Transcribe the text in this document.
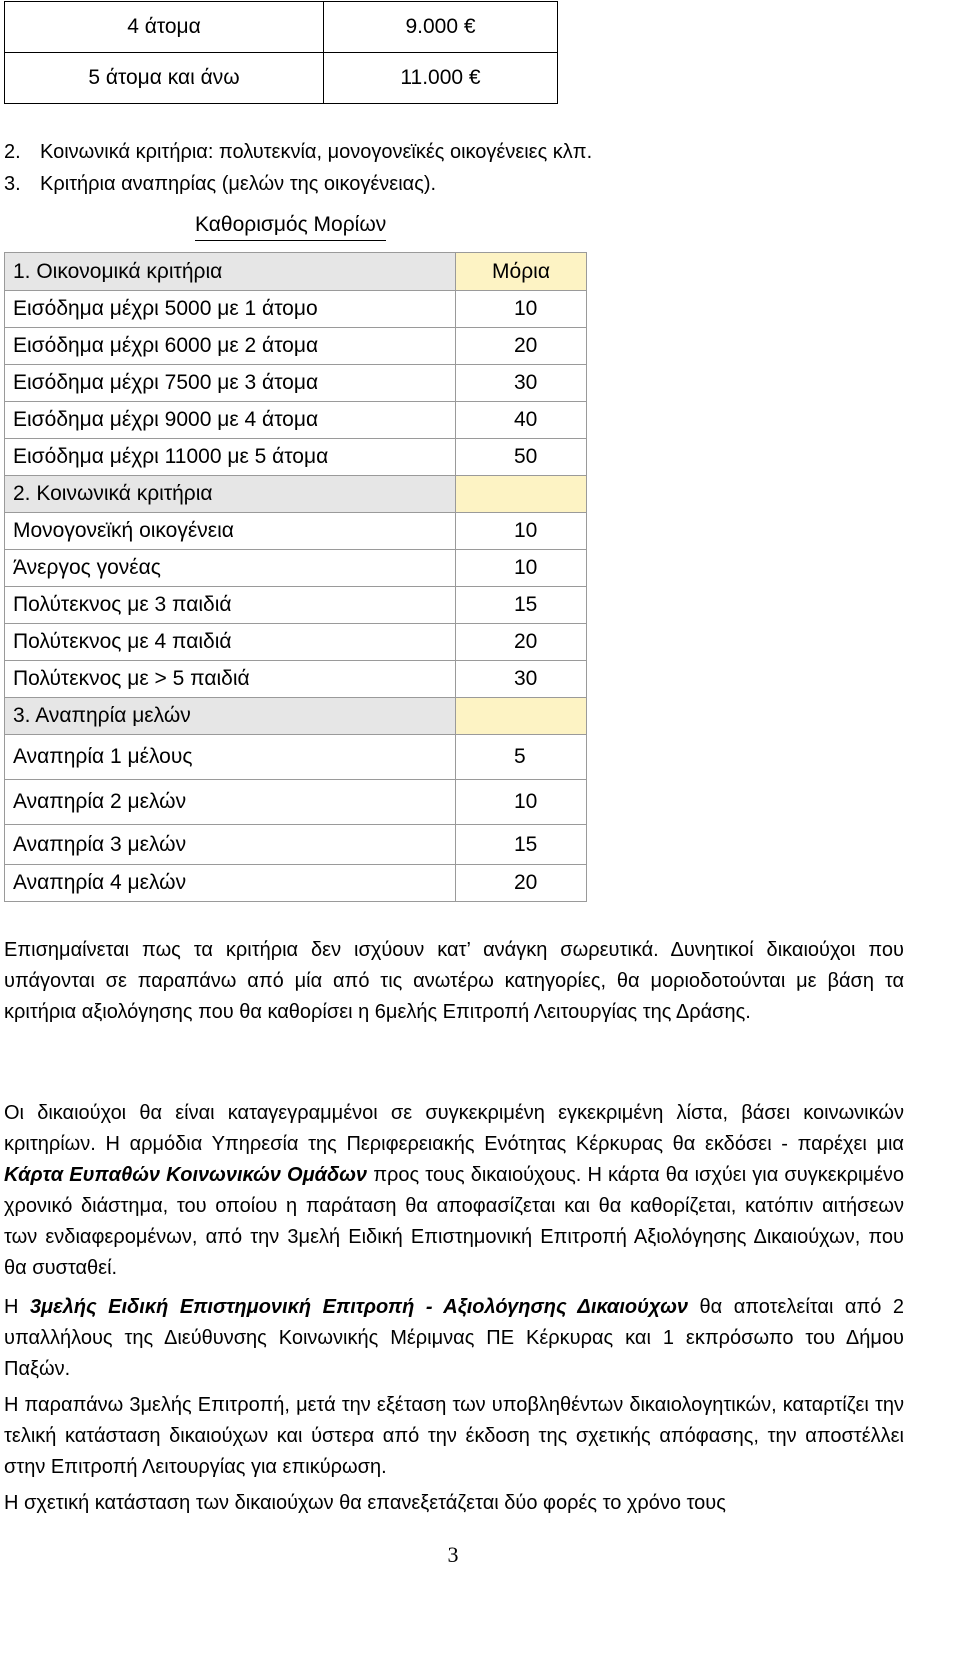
4 άτομα	9.000 €
5 άτομα και άνω	11.000 €
2. Κοινωνικά κριτήρια: πολυτεκνία, μονογονεϊκές οικογένειες κλπ.
3. Κριτήρια αναπηρίας (μελών της οικογένειας).
Καθορισμός Μορίων
1. Οικονομικά κριτήρια	Μόρια
Εισόδημα μέχρι 5000 με 1 άτομο	10
Εισόδημα μέχρι 6000 με 2 άτομα	20
Εισόδημα μέχρι 7500 με 3 άτομα	30
Εισόδημα μέχρι 9000 με 4 άτομα	40
Εισόδημα μέχρι 11000 με 5 άτομα	50
2. Κοινωνικά κριτήρια	
Μονογονεϊκή οικογένεια	10
Άνεργος γονέας	10
Πολύτεκνος με 3 παιδιά	15
Πολύτεκνος με 4 παιδιά	20
Πολύτεκνος με > 5 παιδιά	30
3. Αναπηρία μελών	
Αναπηρία 1 μέλους	5
Αναπηρία 2 μελών	10
Αναπηρία 3 μελών	15
Αναπηρία 4 μελών	20

Επισημαίνεται πως τα κριτήρια δεν ισχύουν κατ’ ανάγκη σωρευτικά. Δυνητικοί δικαιούχοι που υπάγονται σε παραπάνω από μία από τις ανωτέρω κατηγορίες, θα μοριοδοτούνται με βάση τα κριτήρια αξιολόγησης που θα καθορίσει η 6μελής Επιτροπή Λειτουργίας της Δράσης.

Οι δικαιούχοι θα είναι καταγεγραμμένοι σε συγκεκριμένη εγκεκριμένη λίστα, βάσει κοινωνικών κριτηρίων. Η αρμόδια Υπηρεσία της Περιφερειακής Ενότητας Κέρκυρας θα εκδόσει - παρέχει μια Κάρτα Ευπαθών Κοινωνικών Ομάδων προς τους δικαιούχους. Η κάρτα θα ισχύει για συγκεκριμένο χρονικό διάστημα, του οποίου η παράταση θα αποφασίζεται και θα καθορίζεται, κατόπιν αιτήσεων των ενδιαφερομένων, από την 3μελή Ειδική Επιστημονική Επιτροπή Αξιολόγησης Δικαιούχων, που θα συσταθεί.

Η 3μελής Ειδική Επιστημονική Επιτροπή - Αξιολόγησης Δικαιούχων θα αποτελείται από 2 υπαλλήλους της Διεύθυνσης Κοινωνικής Μέριμνας ΠΕ Κέρκυρας και 1 εκπρόσωπο του Δήμου Παξών.

Η παραπάνω 3μελής Επιτροπή, μετά την εξέταση των υποβληθέντων δικαιολογητικών, καταρτίζει την τελική κατάσταση δικαιούχων και ύστερα από την έκδοση της σχετικής απόφασης, την αποστέλλει στην Επιτροπή Λειτουργίας για επικύρωση.

Η σχετική κατάσταση των δικαιούχων θα επανεξετάζεται δύο φορές το χρόνο τους

3
